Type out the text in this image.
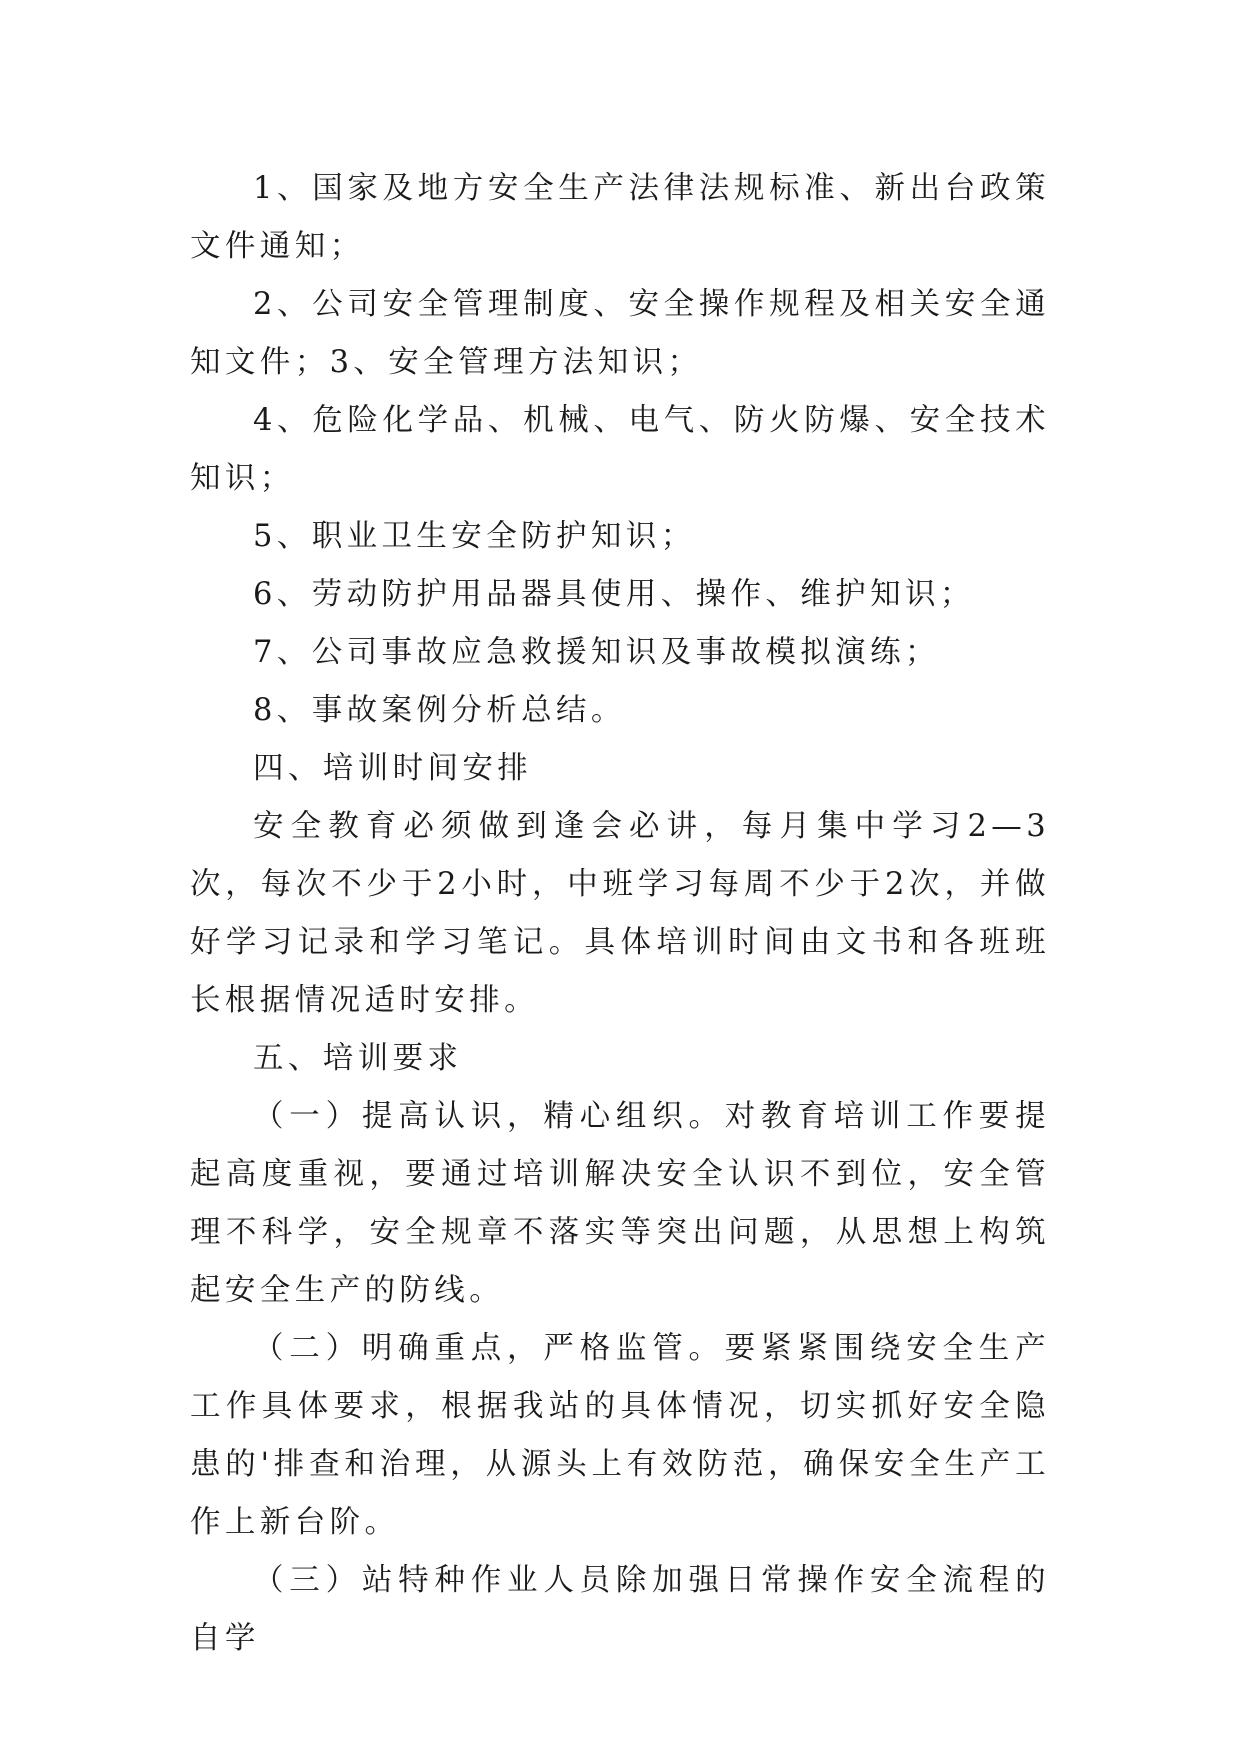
1、国家及地方安全生产法律法规标准、新出台政策文件通知；

2、公司安全管理制度、安全操作规程及相关安全通知文件；3、安全管理方法知识；

4、危险化学品、机械、电气、防火防爆、安全技术知识；

5、职业卫生安全防护知识；

6、劳动防护用品器具使用、操作、维护知识；

7、公司事故应急救援知识及事故模拟演练；

8、事故案例分析总结。

四、培训时间安排

安全教育必须做到逢会必讲，每月集中学习2—3次，每次不少于2小时，中班学习每周不少于2次，并做好学习记录和学习笔记。具体培训时间由文书和各班班长根据情况适时安排。

五、培训要求

（一）提高认识，精心组织。对教育培训工作要提起高度重视，要通过培训解决安全认识不到位，安全管理不科学，安全规章不落实等突出问题，从思想上构筑起安全生产的防线。

（二）明确重点，严格监管。要紧紧围绕安全生产工作具体要求，根据我站的具体情况，切实抓好安全隐患的'排查和治理，从源头上有效防范，确保安全生产工作上新台阶。

（三）站特种作业人员除加强日常操作安全流程的自学
